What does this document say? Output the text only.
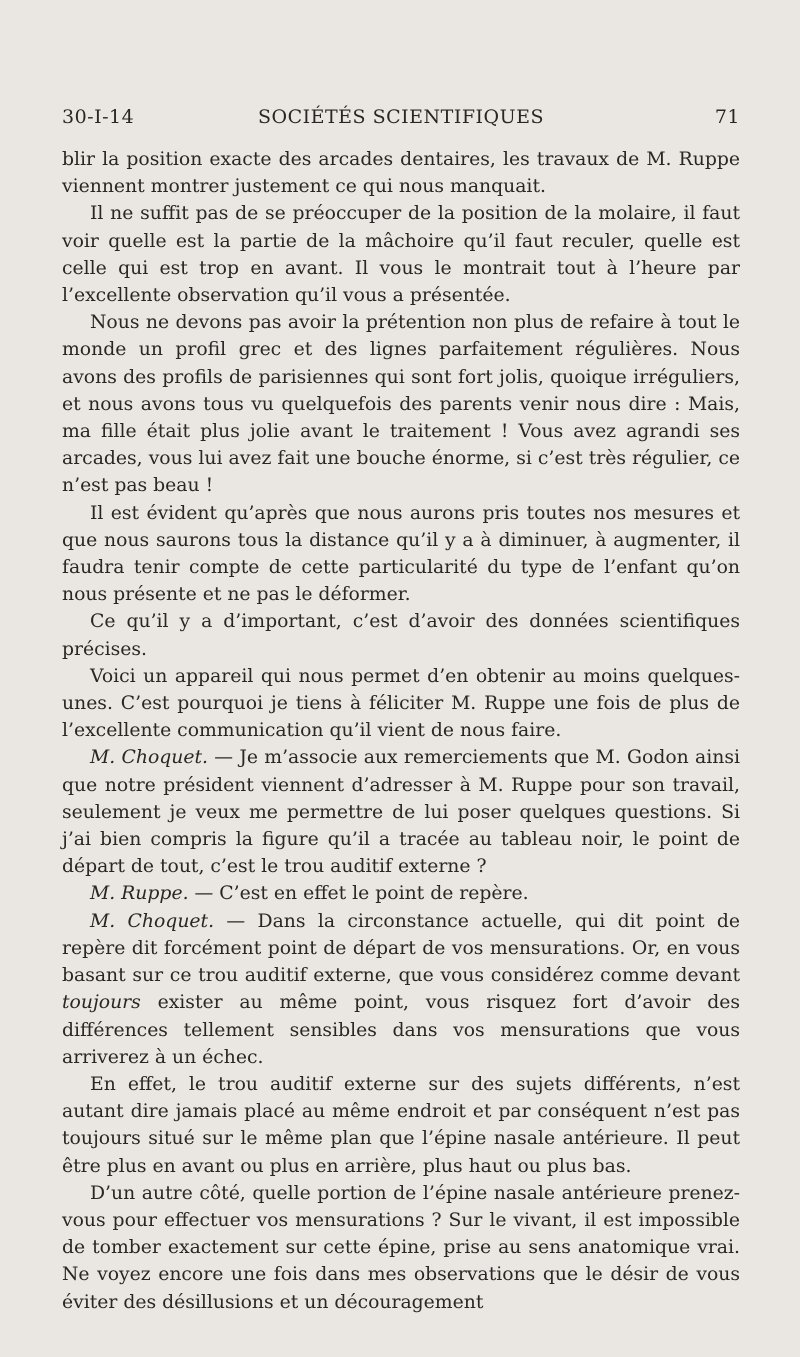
30-I-14	SOCIÉTÉS SCIENTIFIQUES	71

blir la position exacte des arcades dentaires, les travaux de M. Ruppe viennent montrer justement ce qui nous manquait.

Il ne suffit pas de se préoccuper de la position de la molaire, il faut voir quelle est la partie de la mâchoire qu’il faut reculer, quelle est celle qui est trop en avant. Il vous le montrait tout à l’heure par l’excellente observation qu’il vous a présentée.

Nous ne devons pas avoir la prétention non plus de refaire à tout le monde un profil grec et des lignes parfaitement régulières. Nous avons des profils de parisiennes qui sont fort jolis, quoique irréguliers, et nous avons tous vu quelquefois des parents venir nous dire : Mais, ma fille était plus jolie avant le traitement ! Vous avez agrandi ses arcades, vous lui avez fait une bouche énorme, si c’est très régulier, ce n’est pas beau !

Il est évident qu’après que nous aurons pris toutes nos mesures et que nous saurons tous la distance qu’il y a à diminuer, à augmenter, il faudra tenir compte de cette particularité du type de l’enfant qu’on nous présente et ne pas le déformer.

Ce qu’il y a d’important, c’est d’avoir des données scientifiques précises.

Voici un appareil qui nous permet d’en obtenir au moins quelques-unes. C’est pourquoi je tiens à féliciter M. Ruppe une fois de plus de l’excellente communication qu’il vient de nous faire.

M. Choquet. — Je m’associe aux remerciements que M. Godon ainsi que notre président viennent d’adresser à M. Ruppe pour son travail, seulement je veux me permettre de lui poser quelques questions. Si j’ai bien compris la figure qu’il a tracée au tableau noir, le point de départ de tout, c’est le trou auditif externe ?

M. Ruppe. — C’est en effet le point de repère.

M. Choquet. — Dans la circonstance actuelle, qui dit point de repère dit forcément point de départ de vos mensurations. Or, en vous basant sur ce trou auditif externe, que vous considérez comme devant toujours exister au même point, vous risquez fort d’avoir des différences tellement sensibles dans vos mensurations que vous arriverez à un échec.

En effet, le trou auditif externe sur des sujets différents, n’est autant dire jamais placé au même endroit et par conséquent n’est pas toujours situé sur le même plan que l’épine nasale antérieure. Il peut être plus en avant ou plus en arrière, plus haut ou plus bas.

D’un autre côté, quelle portion de l’épine nasale antérieure prenez-vous pour effectuer vos mensurations ? Sur le vivant, il est impossible de tomber exactement sur cette épine, prise au sens anatomique vrai. Ne voyez encore une fois dans mes observations que le désir de vous éviter des désillusions et un découragement
